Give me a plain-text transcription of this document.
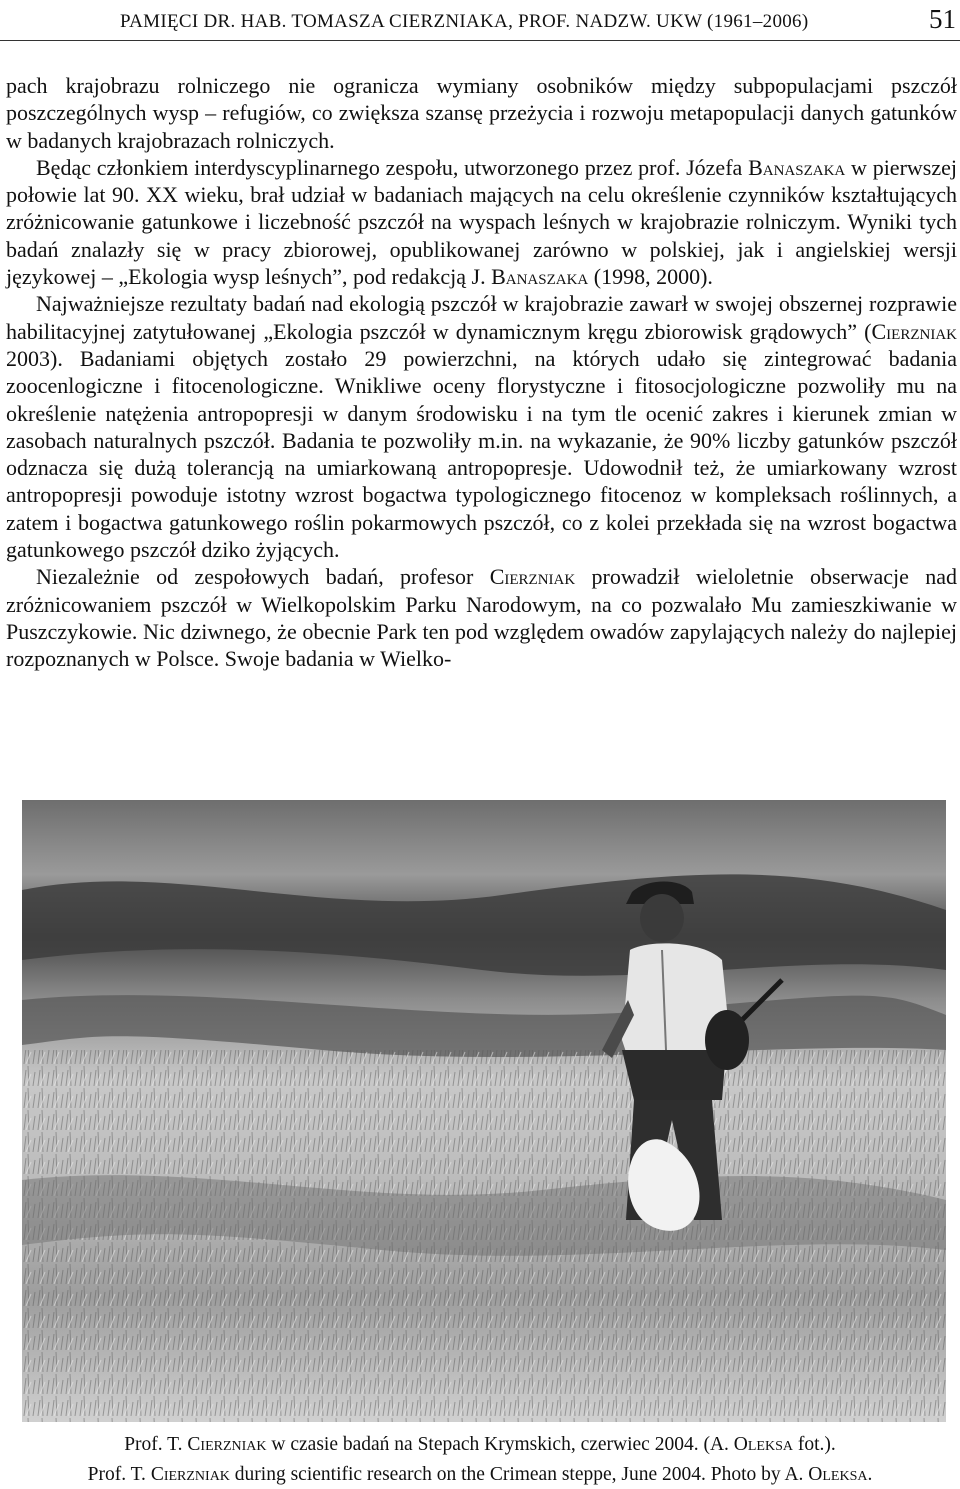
PAMIĘCI DR. HAB. TOMASZA CIERZNIAKA, PROF. NADZW. UKW (1961–2006)	51

pach krajobrazu rolniczego nie ogranicza wymiany osobników między subpopulacjami pszczół poszczególnych wysp – refugiów, co zwiększa szansę przeżycia i rozwoju metapopulacji danych gatunków w badanych krajobrazach rolniczych.

Będąc członkiem interdyscyplinarnego zespołu, utworzonego przez prof. Józefa Banaszaka w pierwszej połowie lat 90. XX wieku, brał udział w badaniach mających na celu określenie czynników kształtujących zróżnicowanie gatunkowe i liczebność pszczół na wyspach leśnych w krajobrazie rolniczym. Wyniki tych badań znalazły się w pracy zbiorowej, opublikowanej zarówno w polskiej, jak i angielskiej wersji językowej – „Ekologia wysp leśnych”, pod redakcją J. Banaszaka (1998, 2000).

Najważniejsze rezultaty badań nad ekologią pszczół w krajobrazie zawarł w swojej obszernej rozprawie habilitacyjnej zatytułowanej „Ekologia pszczół w dynamicznym kręgu zbiorowisk grądowych” (Cierzniak 2003). Badaniami objętych zostało 29 powierzchni, na których udało się zintegrować badania zoocenlogiczne i fitocenologiczne. Wnikliwe oceny florystyczne i fitosocjologiczne pozwoliły mu na określenie natężenia antropopresji w danym środowisku i na tym tle ocenić zakres i kierunek zmian w zasobach naturalnych pszczół. Badania te pozwoliły m.in. na wykazanie, że 90% liczby gatunków pszczół odznacza się dużą tolerancją na umiarkowaną antropopresje. Udowodnił też, że umiarkowany wzrost antropopresji powoduje istotny wzrost bogactwa typologicznego fitocenoz w kompleksach roślinnych, a zatem i bogactwa gatunkowego roślin pokarmowych pszczół, co z kolei przekłada się na wzrost bogactwa gatunkowego pszczół dziko żyjących.

Niezależnie od zespołowych badań, profesor Cierzniak prowadził wieloletnie obserwacje nad zróżnicowaniem pszczół w Wielkopolskim Parku Narodowym, na co pozwalało Mu zamieszkiwanie w Puszczykowie. Nic dziwnego, że obecnie Park ten pod względem owadów zapylających należy do najlepiej rozpoznanych w Polsce. Swoje badania w Wielko-

Prof. T. Cierzniak w czasie badań na Stepach Krymskich, czerwiec 2004. (A. Oleksa fot.).
Prof. T. Cierzniak during scientific research on the Crimean steppe, June 2004. Photo by A. Oleksa.
